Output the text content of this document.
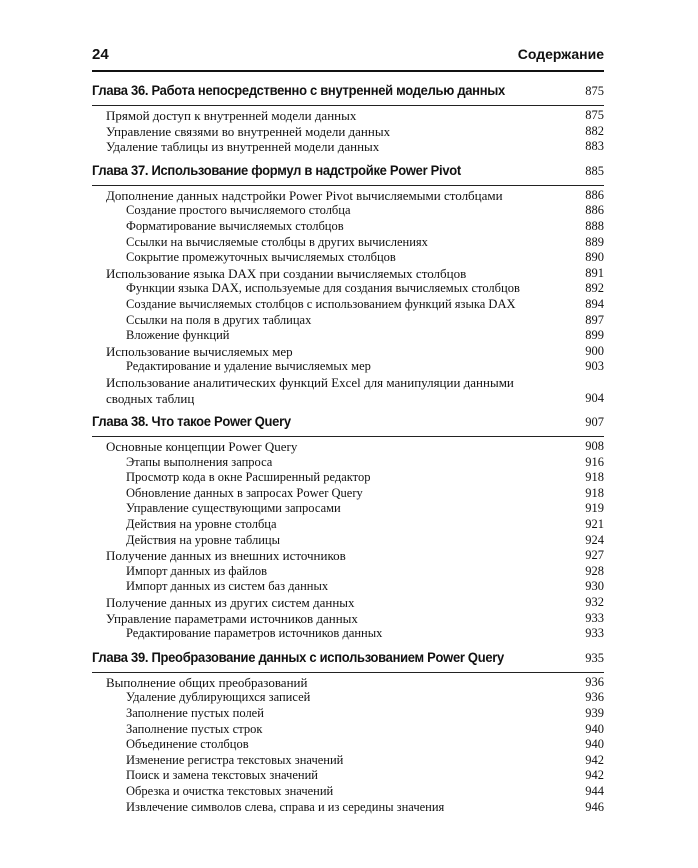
24	Содержание
Глава 36. Работа непосредственно с внутренней моделью данных	875
Прямой доступ к внутренней модели данных	875
Управление связями во внутренней модели данных	882
Удаление таблицы из внутренней модели данных	883
Глава 37. Использование формул в надстройке Power Pivot	885
Дополнение данных надстройки Power Pivot вычисляемыми столбцами	886
Создание простого вычисляемого столбца	886
Форматирование вычисляемых столбцов	888
Ссылки на вычисляемые столбцы в других вычислениях	889
Сокрытие промежуточных вычисляемых столбцов	890
Использование языка DAX при создании вычисляемых столбцов	891
Функции языка DAX, используемые для создания вычисляемых столбцов	892
Создание вычисляемых столбцов с использованием функций языка DAX	894
Ссылки на поля в других таблицах	897
Вложение функций	899
Использование вычисляемых мер	900
Редактирование и удаление вычисляемых мер	903
Использование аналитических функций Excel для манипуляции данными сводных таблиц	904
Глава 38. Что такое Power Query	907
Основные концепции Power Query	908
Этапы выполнения запроса	916
Просмотр кода в окне Расширенный редактор	918
Обновление данных в запросах Power Query	918
Управление существующими запросами	919
Действия на уровне столбца	921
Действия на уровне таблицы	924
Получение данных из внешних источников	927
Импорт данных из файлов	928
Импорт данных из систем баз данных	930
Получение данных из других систем данных	932
Управление параметрами источников данных	933
Редактирование параметров источников данных	933
Глава 39. Преобразование данных с использованием Power Query	935
Выполнение общих преобразований	936
Удаление дублирующихся записей	936
Заполнение пустых полей	939
Заполнение пустых строк	940
Объединение столбцов	940
Изменение регистра текстовых значений	942
Поиск и замена текстовых значений	942
Обрезка и очистка текстовых значений	944
Извлечение символов слева, справа и из середины значения	946
